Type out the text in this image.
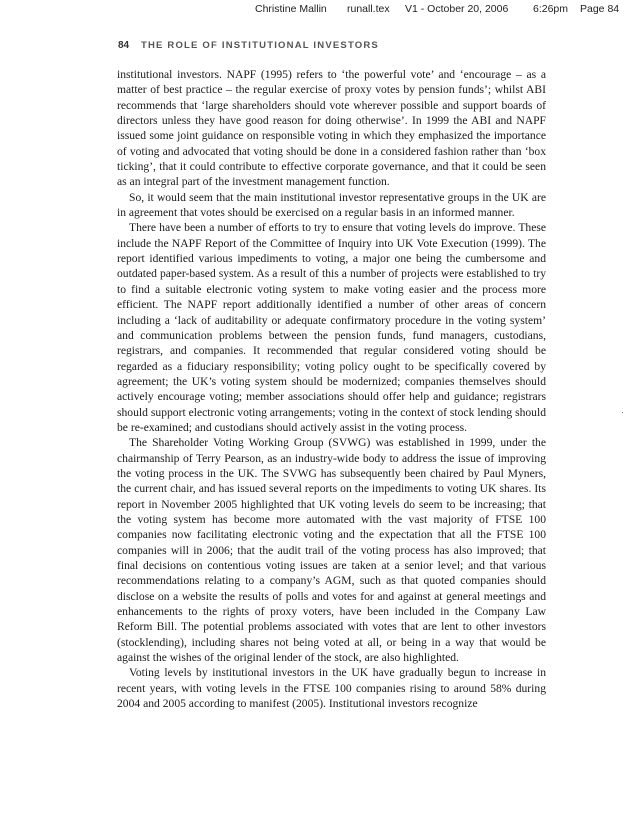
Christine Mallin runall.tex V1 - October 20, 2006 6:26pm Page 84
84 THE ROLE OF INSTITUTIONAL INVESTORS

institutional investors. NAPF (1995) refers to ‘the powerful vote’ and ‘encourage – as a matter of best practice – the regular exercise of proxy votes by pension funds’; whilst ABI recommends that ‘large shareholders should vote wherever possible and support boards of directors unless they have good reason for doing otherwise’. In 1999 the ABI and NAPF issued some joint guidance on responsible voting in which they emphasized the importance of voting and advocated that voting should be done in a considered fashion rather than ‘box ticking’, that it could contribute to effective corporate governance, and that it could be seen as an integral part of the investment management function.

So, it would seem that the main institutional investor representative groups in the UK are in agreement that votes should be exercised on a regular basis in an informed manner.

There have been a number of efforts to try to ensure that voting levels do improve. These include the NAPF Report of the Committee of Inquiry into UK Vote Execution (1999). The report identified various impediments to voting, a major one being the cumbersome and outdated paper-based system. As a result of this a number of projects were established to try to find a suitable electronic voting system to make voting easier and the process more efficient. The NAPF report additionally identified a number of other areas of concern including a ‘lack of auditability or adequate confirmatory procedure in the voting system’ and communication problems between the pension funds, fund managers, custodians, registrars, and companies. It recommended that regular considered voting should be regarded as a fiduciary responsibility; voting policy ought to be specifically covered by agreement; the UK’s voting system should be modernized; companies themselves should actively encourage voting; member associations should offer help and guidance; registrars should support electronic voting arrangements; voting in the context of stock lending should be re-examined; and custodians should actively assist in the voting process.

The Shareholder Voting Working Group (SVWG) was established in 1999, under the chairmanship of Terry Pearson, as an industry-wide body to address the issue of improving the voting process in the UK. The SVWG has subsequently been chaired by Paul Myners, the current chair, and has issued several reports on the impediments to voting UK shares. Its report in November 2005 highlighted that UK voting levels do seem to be increasing; that the voting system has become more automated with the vast majority of FTSE 100 companies now facilitating electronic voting and the expectation that all the FTSE 100 companies will in 2006; that the audit trail of the voting process has also improved; that final decisions on contentious voting issues are taken at a senior level; and that various recommendations relating to a company’s AGM, such as that quoted companies should disclose on a website the results of polls and votes for and against at general meetings and enhancements to the rights of proxy voters, have been included in the Company Law Reform Bill. The potential problems associated with votes that are lent to other investors (stocklending), including shares not being voted at all, or being in a way that would be against the wishes of the original lender of the stock, are also highlighted.

Voting levels by institutional investors in the UK have gradually begun to increase in recent years, with voting levels in the FTSE 100 companies rising to around 58% during 2004 and 2005 according to manifest (2005). Institutional investors recognize
